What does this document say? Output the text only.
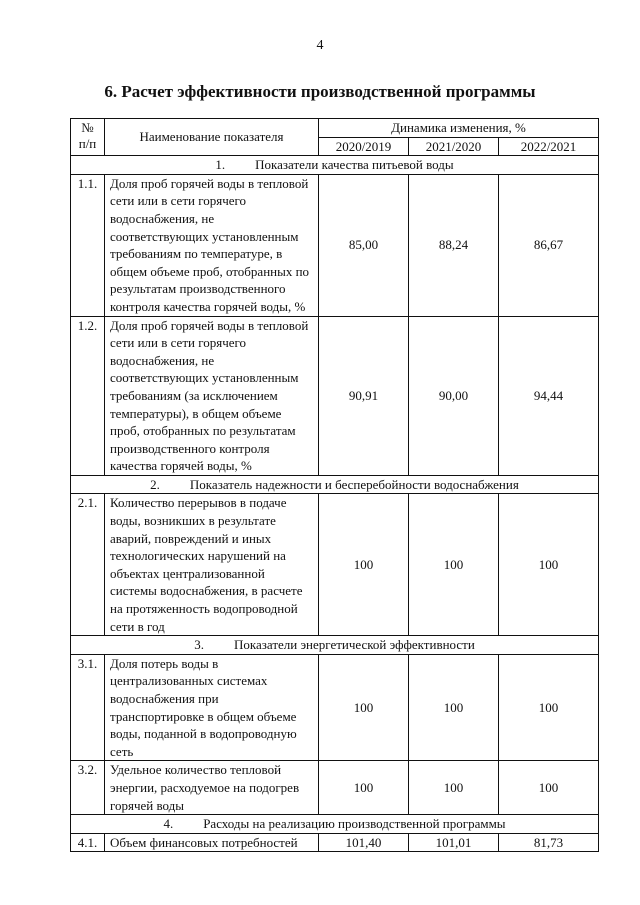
4
6. Расчет эффективности производственной программы
№
п/п	Наименование показателя	Динамика изменения, %		
		2020/2019	2021/2020	2022/2021
1. Показатели качества питьевой воды				
1.1.	Доля проб горячей воды в тепловой сети или в сети горячего водоснабжения, не соответствующих установленным требованиям по температуре, в общем объеме проб, отобранных по результатам производственного контроля качества горячей воды, %	85,00	88,24	86,67
1.2.	Доля проб горячей воды в тепловой сети или в сети горячего водоснабжения, не соответствующих установленным требованиям (за исключением температуры), в общем объеме проб, отобранных по результатам производственного контроля качества горячей воды, %	90,91	90,00	94,44
2. Показатель надежности и бесперебойности водоснабжения				
2.1.	Количество перерывов в подаче воды, возникших в результате аварий, повреждений и иных технологических нарушений на объектах централизованной системы водоснабжения, в расчете на протяженность водопроводной сети в год	100	100	100
3. Показатели энергетической эффективности				
3.1.	Доля потерь воды в централизованных системах водоснабжения при транспортировке в общем объеме воды, поданной в водопроводную сеть	100	100	100
3.2.	Удельное количество тепловой энергии, расходуемое на подогрев горячей воды	100	100	100
4. Расходы на реализацию производственной программы				
4.1.	Объем финансовых потребностей	101,40	101,01	81,73
